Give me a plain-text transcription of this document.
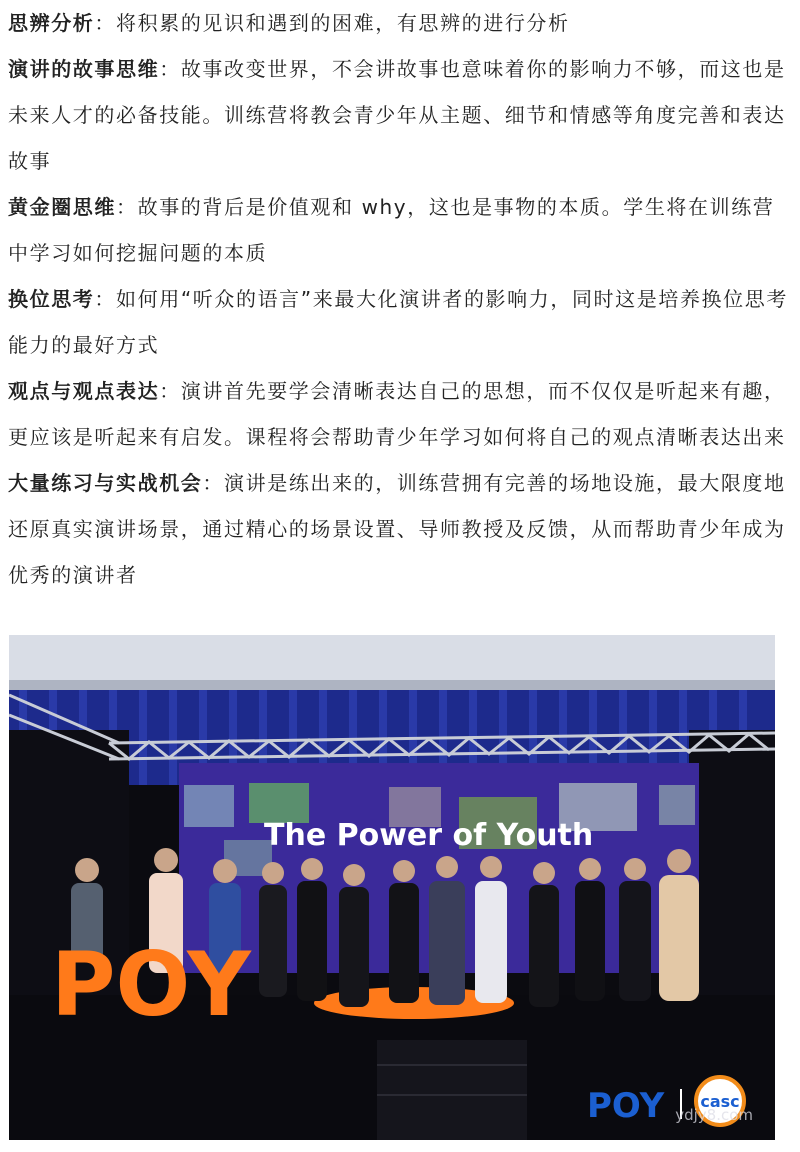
思辨分析：将积累的见识和遇到的困难，有思辨的进行分析

演讲的故事思维：故事改变世界，不会讲故事也意味着你的影响力不够，而这也是未来人才的必备技能。训练营将教会青少年从主题、细节和情感等角度完善和表达故事

黄金圈思维：故事的背后是价值观和 why，这也是事物的本质。学生将在训练营中学习如何挖掘问题的本质

换位思考：如何用“听众的语言”来最大化演讲者的影响力，同时这是培养换位思考能力的最好方式

观点与观点表达：演讲首先要学会清晰表达自己的思想，而不仅仅是听起来有趣，更应该是听起来有启发。课程将会帮助青少年学习如何将自己的观点清晰表达出来

大量练习与实战机会：演讲是练出来的，训练营拥有完善的场地设施，最大限度地还原真实演讲场景，通过精心的场景设置、导师教授及反馈，从而帮助青少年成为优秀的演讲者

The Power of Youth
POY
POY casc
ydjy8.com
